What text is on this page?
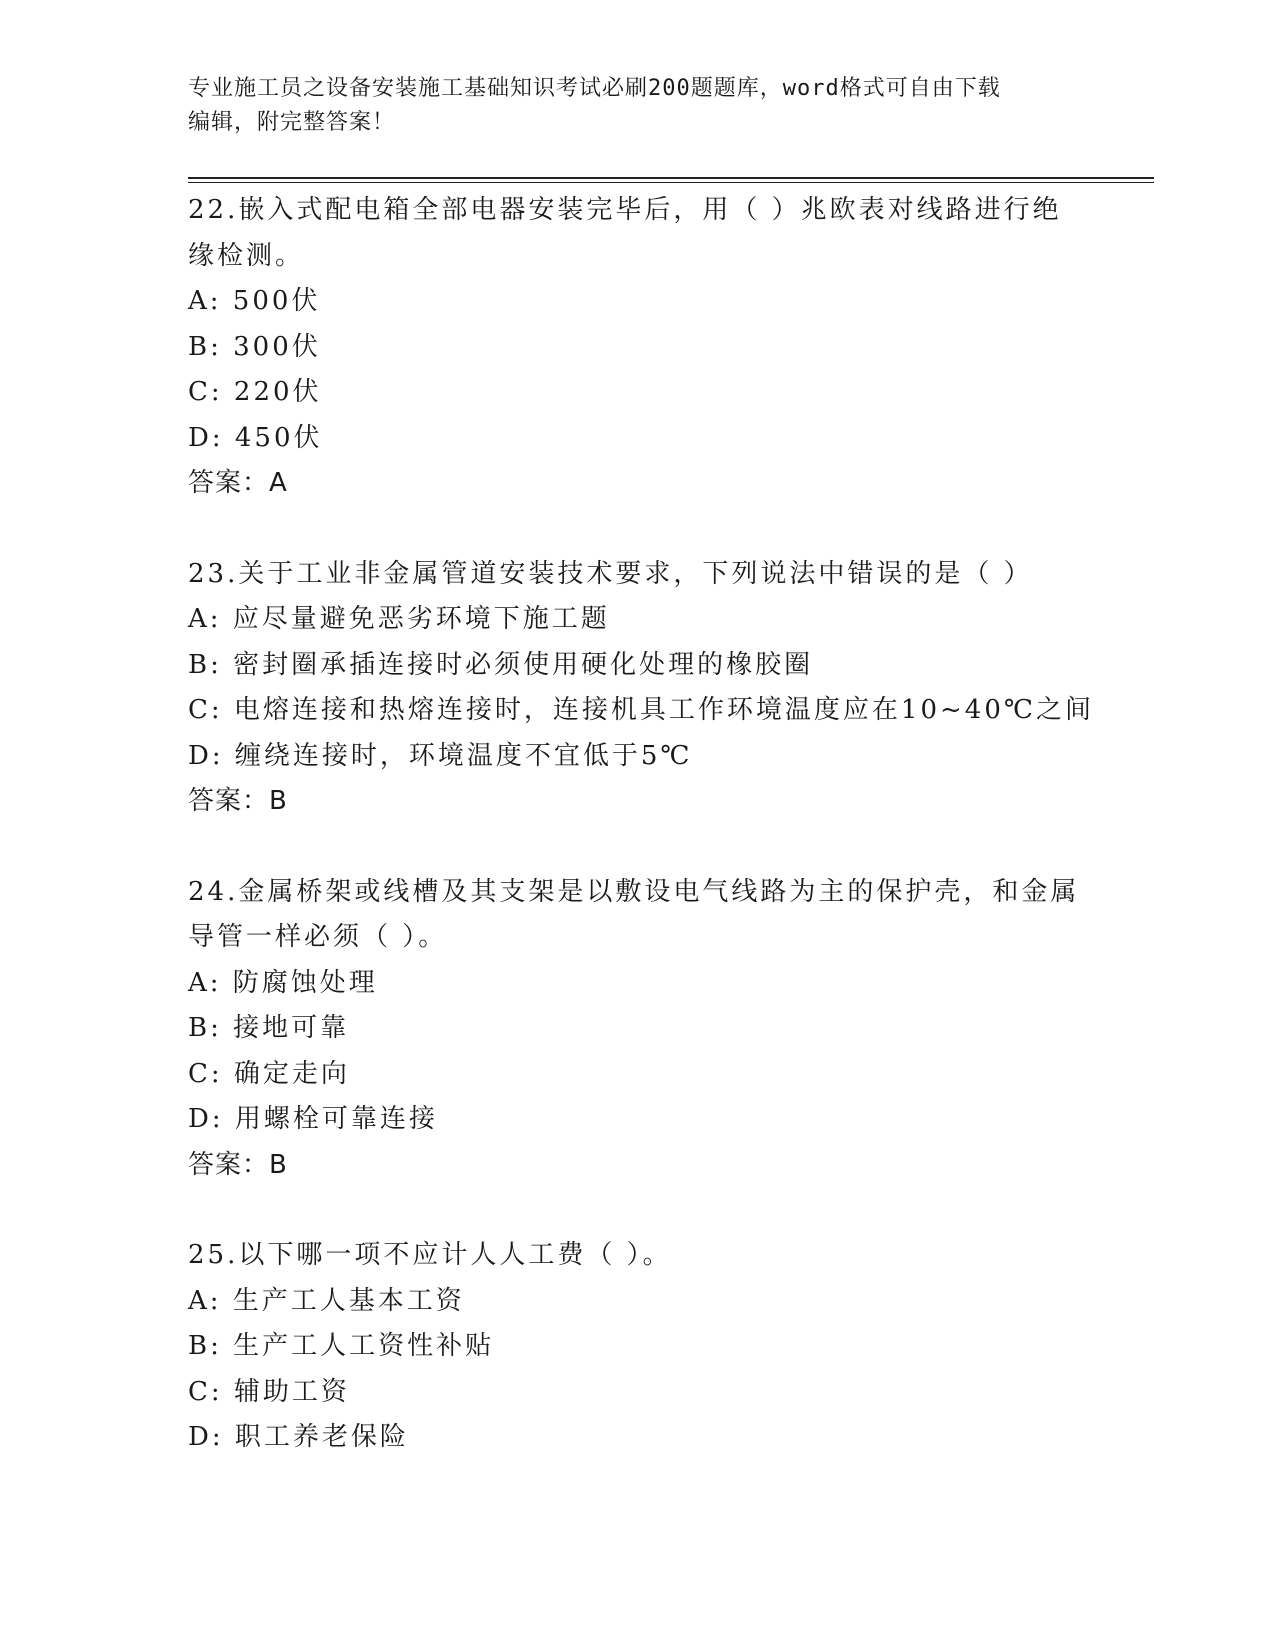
专业施工员之设备安装施工基础知识考试必刷200题题库，word格式可自由下载
编辑，附完整答案！
22.嵌入式配电箱全部电器安装完毕后，用（ ）兆欧表对线路进行绝
缘检测。
A: 500伏
B: 300伏
C: 220伏
D: 450伏
答案：A
23.关于工业非金属管道安装技术要求，下列说法中错误的是（ ）
A: 应尽量避免恶劣环境下施工题
B: 密封圈承插连接时必须使用硬化处理的橡胶圈
C: 电熔连接和热熔连接时，连接机具工作环境温度应在10~40℃之间
D: 缠绕连接时，环境温度不宜低于5℃
答案：B
24.金属桥架或线槽及其支架是以敷设电气线路为主的保护壳，和金属
导管一样必须（ ）。
A: 防腐蚀处理
B: 接地可靠
C: 确定走向
D: 用螺栓可靠连接
答案：B
25.以下哪一项不应计人人工费（ ）。
A: 生产工人基本工资
B: 生产工人工资性补贴
C: 辅助工资
D: 职工养老保险
